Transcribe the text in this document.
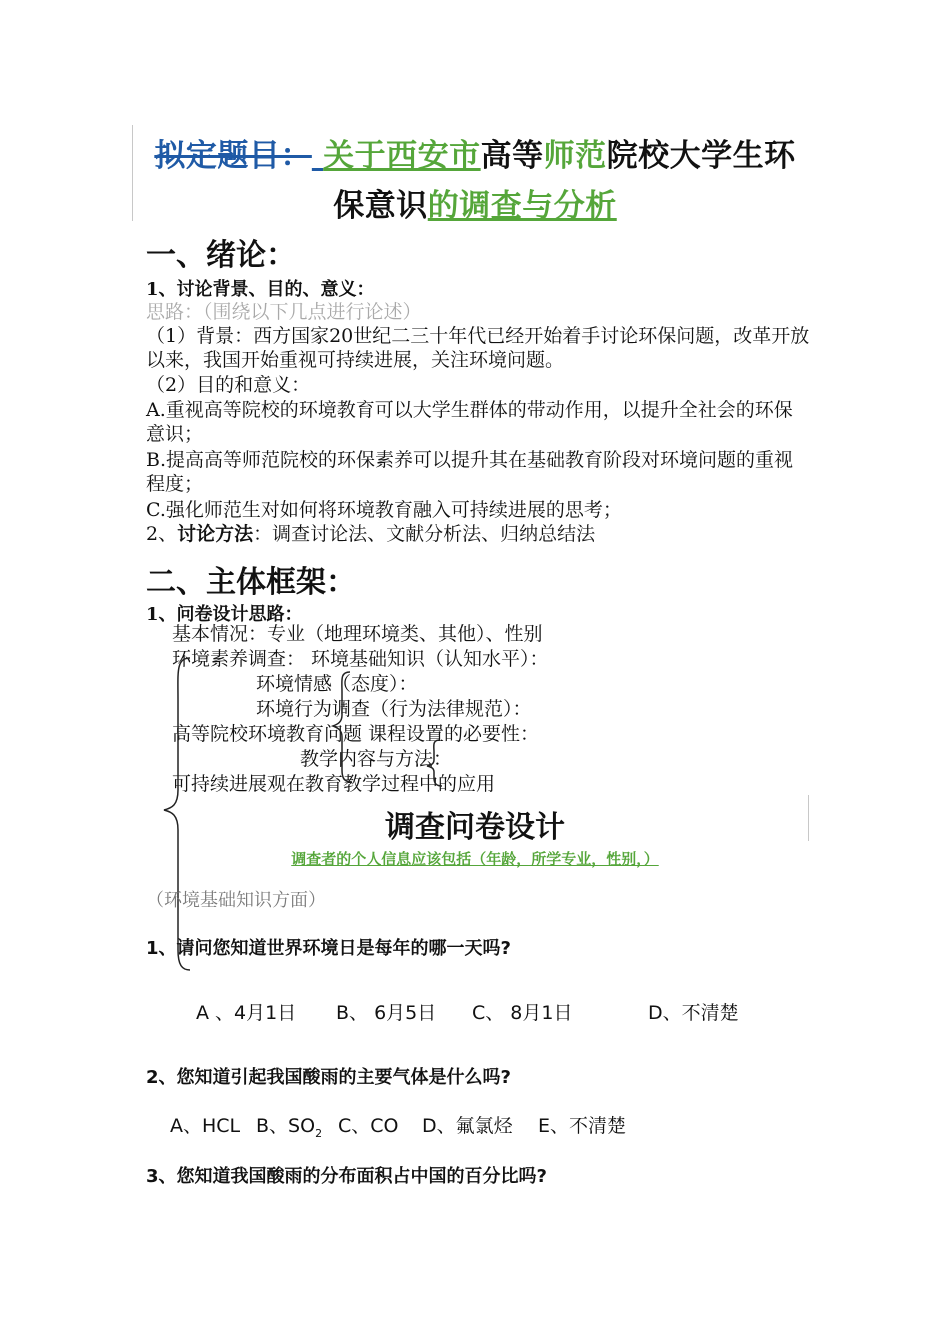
拟定题目： 关于西安市高等师范院校大学生环
保意识的调查与分析
一、绪论：
1、讨论背景、目的、意义：
思路：（围绕以下几点进行论述）
（1）背景：西方国家20世纪二三十年代已经开始着手讨论环保问题，改革开放以来，我国开始重视可持续进展，关注环境问题。
（2）目的和意义：
A.重视高等院校的环境教育可以大学生群体的带动作用，以提升全社会的环保意识；
B.提高高等师范院校的环保素养可以提升其在基础教育阶段对环境问题的重视程度；
C.强化师范生对如何将环境教育融入可持续进展的思考；
2、讨论方法：调查讨论法、文献分析法、归纳总结法
二、主体框架：
1、问卷设计思路：
基本情况：专业（地理环境类、其他）、性别
环境素养调查： 环境基础知识（认知水平）：
环境情感（态度）：
环境行为调查（行为法律规范）：
高等院校环境教育问题 课程设置的必要性：
教学内容与方法：
可持续进展观在教育教学过程中的应用
调查问卷设计
调查者的个人信息应该包括（年龄，所学专业，性别，）
（环境基础知识方面）
1、请问您知道世界环境日是每年的哪一天吗?
A 、4月1日 B、 6月5日 C、 8月1日	D、不清楚
2、您知道引起我国酸雨的主要气体是什么吗?
A、HCL B、$SO_2$ C、CO D、氟氯烃 E、不清楚
3、您知道我国酸雨的分布面积占中国的百分比吗?
